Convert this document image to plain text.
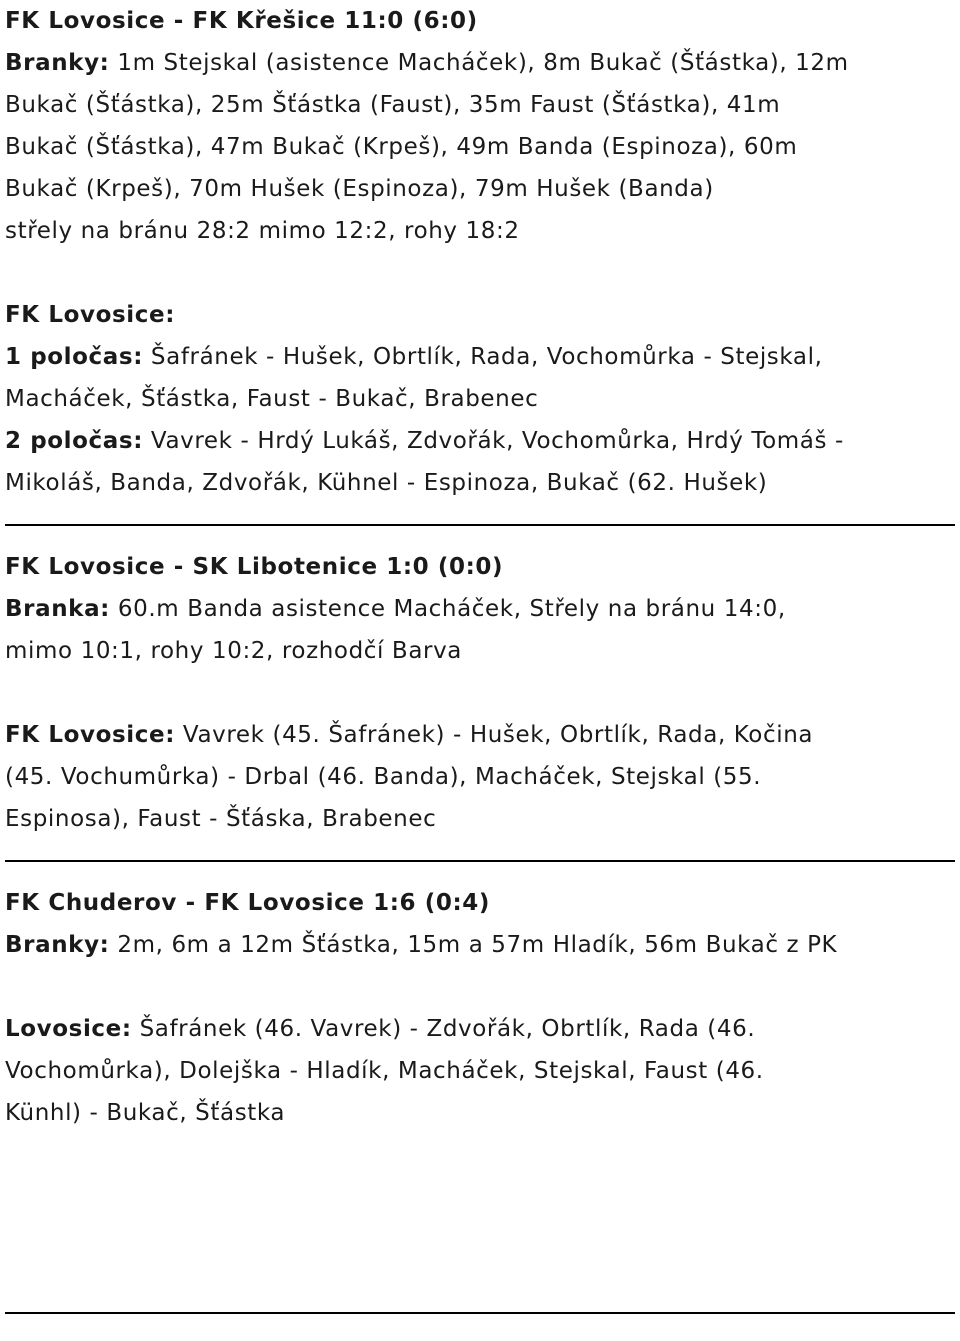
FK Lovosice - FK Křešice 11:0 (6:0)

Branky: 1m Stejskal (asistence Macháček), 8m Bukač (Šťástka), 12m

Bukač (Šťástka), 25m Šťástka (Faust), 35m Faust (Šťástka), 41m

Bukač (Šťástka), 47m Bukač (Krpeš), 49m Banda (Espinoza), 60m

Bukač (Krpeš), 70m Hušek (Espinoza), 79m Hušek (Banda)

střely na bránu 28:2 mimo 12:2, rohy 18:2

FK Lovosice:

1 poločas: Šafránek - Hušek, Obrtlík, Rada, Vochomůrka - Stejskal,

Macháček, Šťástka, Faust - Bukač, Brabenec

2 poločas: Vavrek - Hrdý Lukáš, Zdvořák, Vochomůrka, Hrdý Tomáš -

Mikoláš, Banda, Zdvořák, Kühnel - Espinoza, Bukač (62. Hušek)

FK Lovosice - SK Libotenice 1:0 (0:0)

Branka: 60.m Banda asistence Macháček, Střely na bránu 14:0,

mimo 10:1, rohy 10:2, rozhodčí Barva

FK Lovosice: Vavrek (45. Šafránek) - Hušek, Obrtlík, Rada, Kočina

(45. Vochumůrka) - Drbal (46. Banda), Macháček, Stejskal (55.

Espinosa), Faust - Šťáska, Brabenec

FK Chuderov - FK Lovosice 1:6 (0:4)

Branky: 2m, 6m a 12m Šťástka, 15m a 57m Hladík, 56m Bukač z PK

Lovosice: Šafránek (46. Vavrek) - Zdvořák, Obrtlík, Rada (46.

Vochomůrka), Dolejška - Hladík, Macháček, Stejskal, Faust (46.

Künhl) - Bukač, Šťástka
